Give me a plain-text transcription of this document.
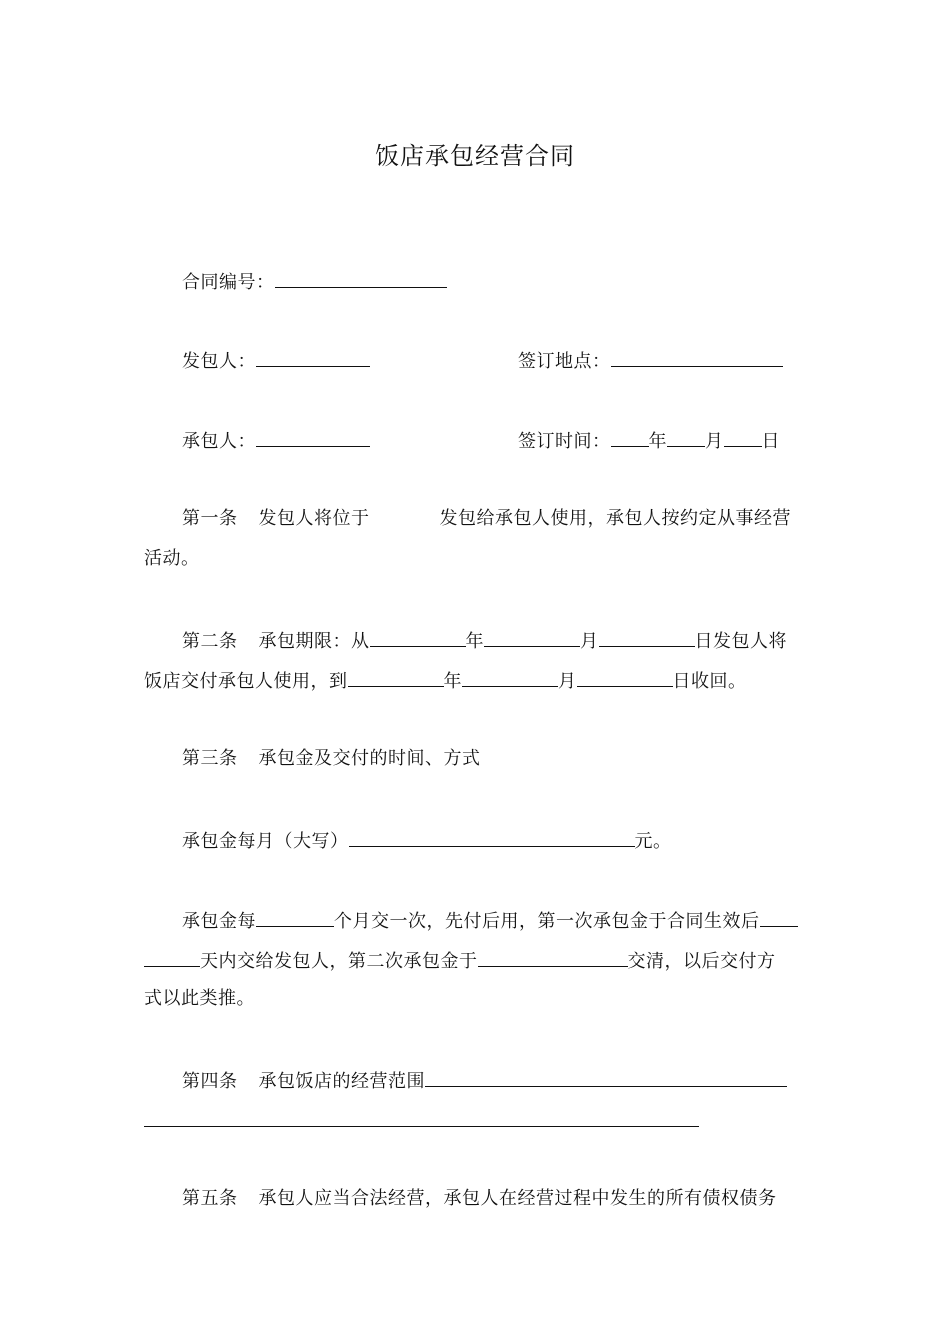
饭店承包经营合同
合同编号：
发包人：	签订地点：
承包人：	签订时间： 年 月 日
第一条 发包人将位于	发包给承包人使用，承包人按约定从事经营
活动。
第二条 承包期限：从	年	月	日发包人将
饭店交付承包人使用，到	年	月	日收回。
第三条 承包金及交付的时间、方式
承包金每月（大写）	元。
承包金每	个月交一次，先付后用，第一次承包金于合同生效后
天内交给发包人，第二次承包金于	交清，以后交付方
式以此类推。
第四条 承包饭店的经营范围
第五条 承包人应当合法经营，承包人在经营过程中发生的所有债权债务
